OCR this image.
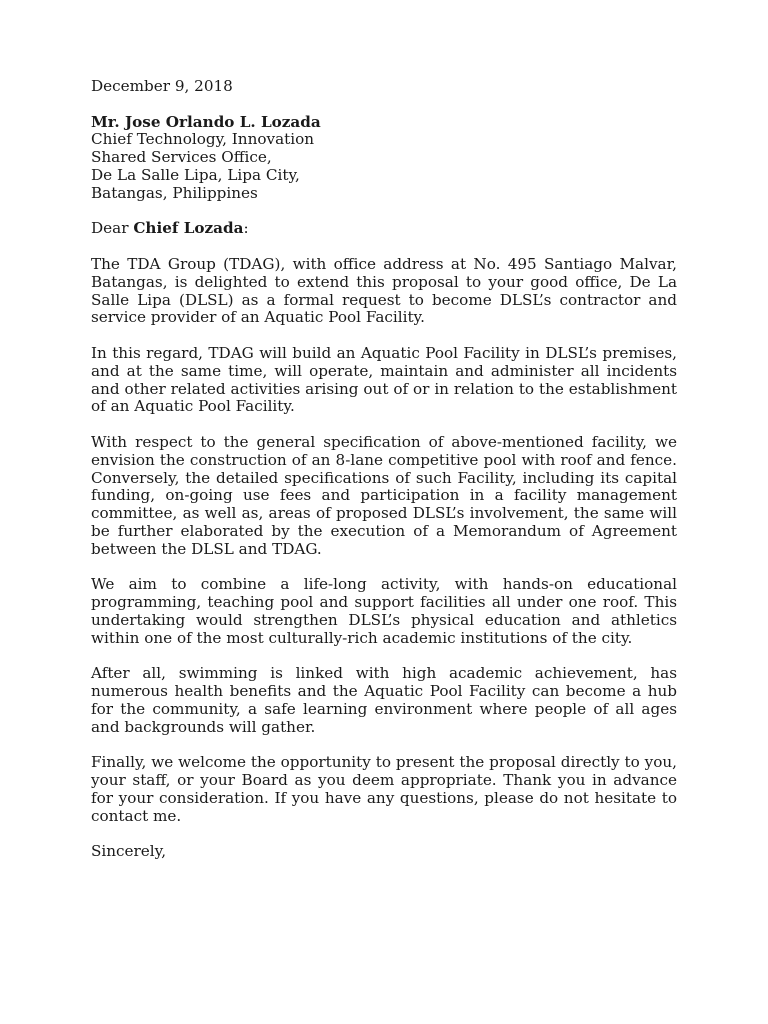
December 9, 2018

Mr. Jose Orlando L. Lozada

Chief Technology, Innovation

Shared Services Office,

De La Salle Lipa, Lipa City,

Batangas, Philippines

Dear Chief Lozada:

The TDA Group (TDAG), with office address at No. 495 Santiago Malvar, Batangas, is delighted to extend this proposal to your good office, De La Salle Lipa (DLSL) as a formal request to become DLSL’s contractor and service provider of an Aquatic Pool Facility.

In this regard, TDAG will build an Aquatic Pool Facility in DLSL’s premises, and at the same time, will operate, maintain and administer all incidents and other related activities arising out of or in relation to the establishment of an Aquatic Pool Facility.

With respect to the general specification of above-mentioned facility, we envision the construction of an 8-lane competitive pool with roof and fence. Conversely, the detailed specifications of such Facility, including its capital funding, on-going use fees and participation in a facility management committee, as well as, areas of proposed DLSL’s involvement, the same will be further elaborated by the execution of a Memorandum of Agreement between the DLSL and TDAG.

We aim to combine a life-long activity, with hands-on educational programming, teaching pool and support facilities all under one roof. This undertaking would strengthen DLSL’s physical education and athletics within one of the most culturally-rich academic institutions of the city.

After all, swimming is linked with high academic achievement, has numerous health benefits and the Aquatic Pool Facility can become a hub for the community, a safe learning environment where people of all ages and backgrounds will gather.

Finally, we welcome the opportunity to present the proposal directly to you, your staff, or your Board as you deem appropriate. Thank you in advance for your consideration. If you have any questions, please do not hesitate to contact me.

Sincerely,
